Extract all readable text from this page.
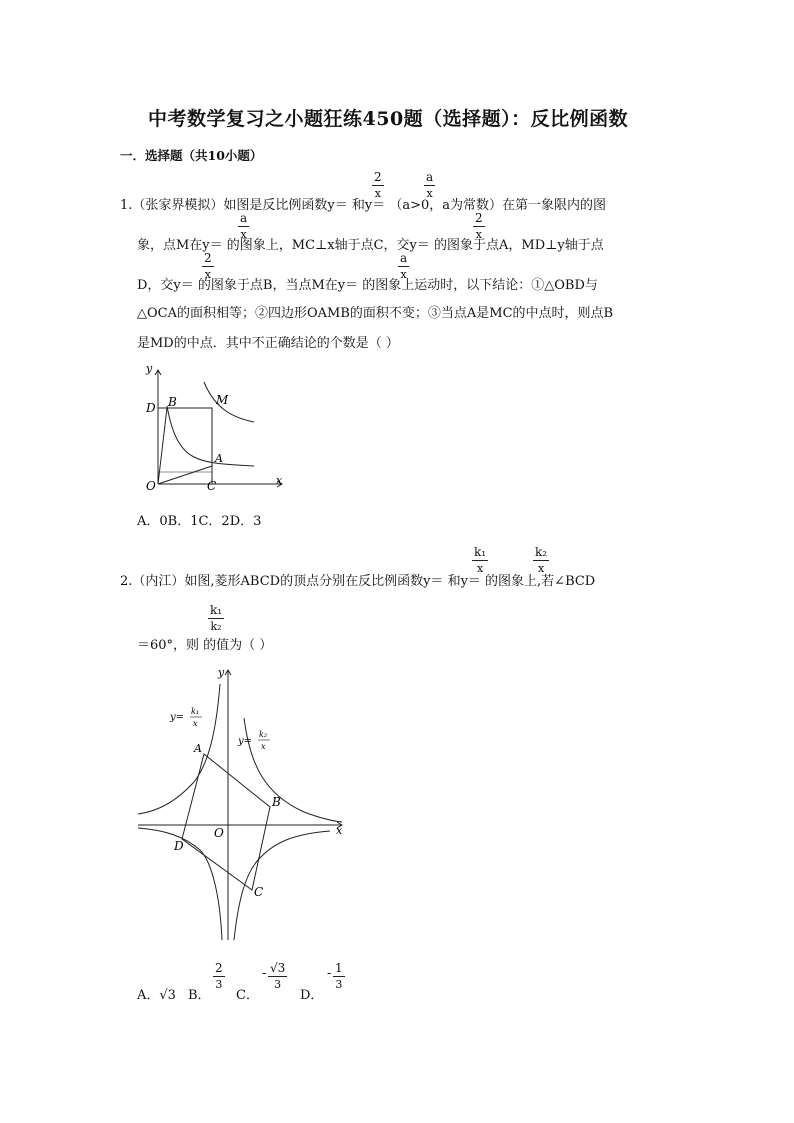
中考数学复习之小题狂练450题（选择题）：反比例函数
一．选择题（共10小题）
1.（张家界模拟）如图是反比例函数y＝ 和y＝ （a>0，a为常数）在第一象限内的图
象，点M在y＝ 的图象上，MC⊥x轴于点C，交y＝ 的图象于点A，MD⊥y轴于点
D，交y＝ 的图象于点B，当点M在y＝ 的图象上运动时，以下结论：①△OBD与
△OCA的面积相等；②四边形OAMB的面积不变；③当点A是MC的中点时，则点B
是MD的中点．其中不正确结论的个数是（ ）
2
x
a
x
a
x
2
x
2
x
a
x
y
x
O
D B	M
A
C
A．0B．1C．2D．3
2.（内江）如图,菱形ABCD的顶点分别在反比例函数y＝ 和y＝ 的图象上,若∠BCD
＝60°，则 的值为（ ）
k₁
x
k₂
x
k₁
k₂
y
x
O
A
B
C
D
y=
k₁
x
y=
k₂
x
A．√3 B．
2
3
C．
- √3
3
D．
- 1
3
